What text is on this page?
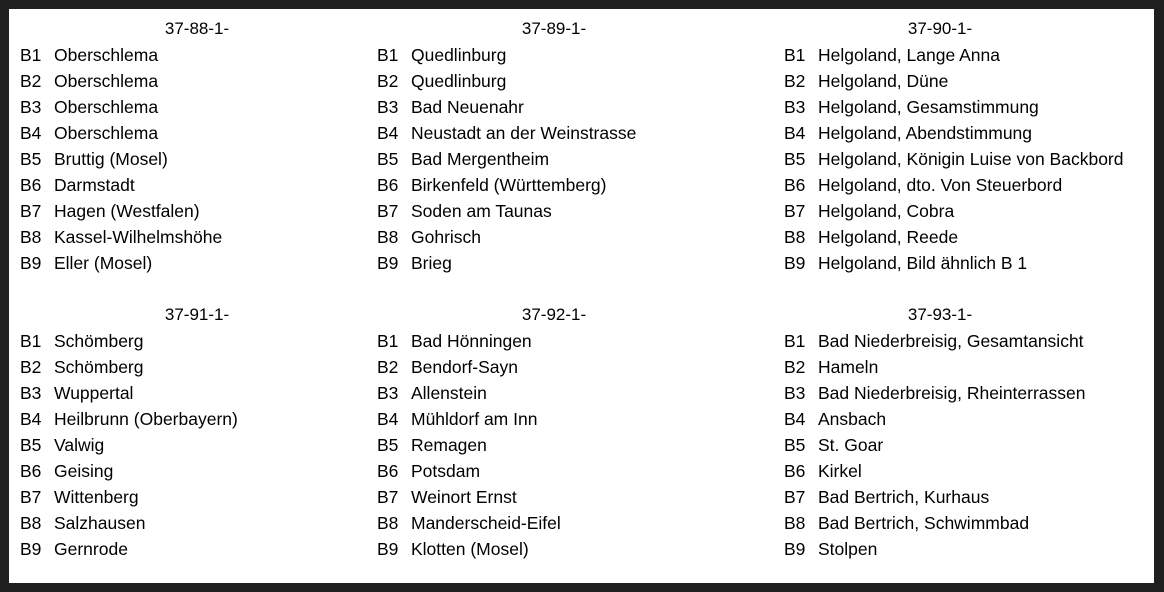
37-88-1-
B1 Oberschlema
B2 Oberschlema
B3 Oberschlema
B4 Oberschlema
B5 Bruttig (Mosel)
B6 Darmstadt
B7 Hagen (Westfalen)
B8 Kassel-Wilhelmshöhe
B9 Eller (Mosel)
37-89-1-
B1 Quedlinburg
B2 Quedlinburg
B3 Bad Neuenahr
B4 Neustadt an der Weinstrasse
B5 Bad Mergentheim
B6 Birkenfeld (Württemberg)
B7 Soden am Taunas
B8 Gohrisch
B9 Brieg
37-90-1-
B1 Helgoland, Lange Anna
B2 Helgoland, Düne
B3 Helgoland, Gesamstimmung
B4 Helgoland, Abendstimmung
B5 Helgoland, Königin Luise von Backbord
B6 Helgoland, dto. Von Steuerbord
B7 Helgoland, Cobra
B8 Helgoland, Reede
B9 Helgoland, Bild ähnlich B 1
37-91-1-
B1 Schömberg
B2 Schömberg
B3 Wuppertal
B4 Heilbrunn (Oberbayern)
B5 Valwig
B6 Geising
B7 Wittenberg
B8 Salzhausen
B9 Gernrode
37-92-1-
B1 Bad Hönningen
B2 Bendorf-Sayn
B3 Allenstein
B4 Mühldorf am Inn
B5 Remagen
B6 Potsdam
B7 Weinort Ernst
B8 Manderscheid-Eifel
B9 Klotten (Mosel)
37-93-1-
B1 Bad Niederbreisig, Gesamtansicht
B2 Hameln
B3 Bad Niederbreisig, Rheinterrassen
B4 Ansbach
B5 St. Goar
B6 Kirkel
B7 Bad Bertrich, Kurhaus
B8 Bad Bertrich, Schwimmbad
B9 Stolpen
